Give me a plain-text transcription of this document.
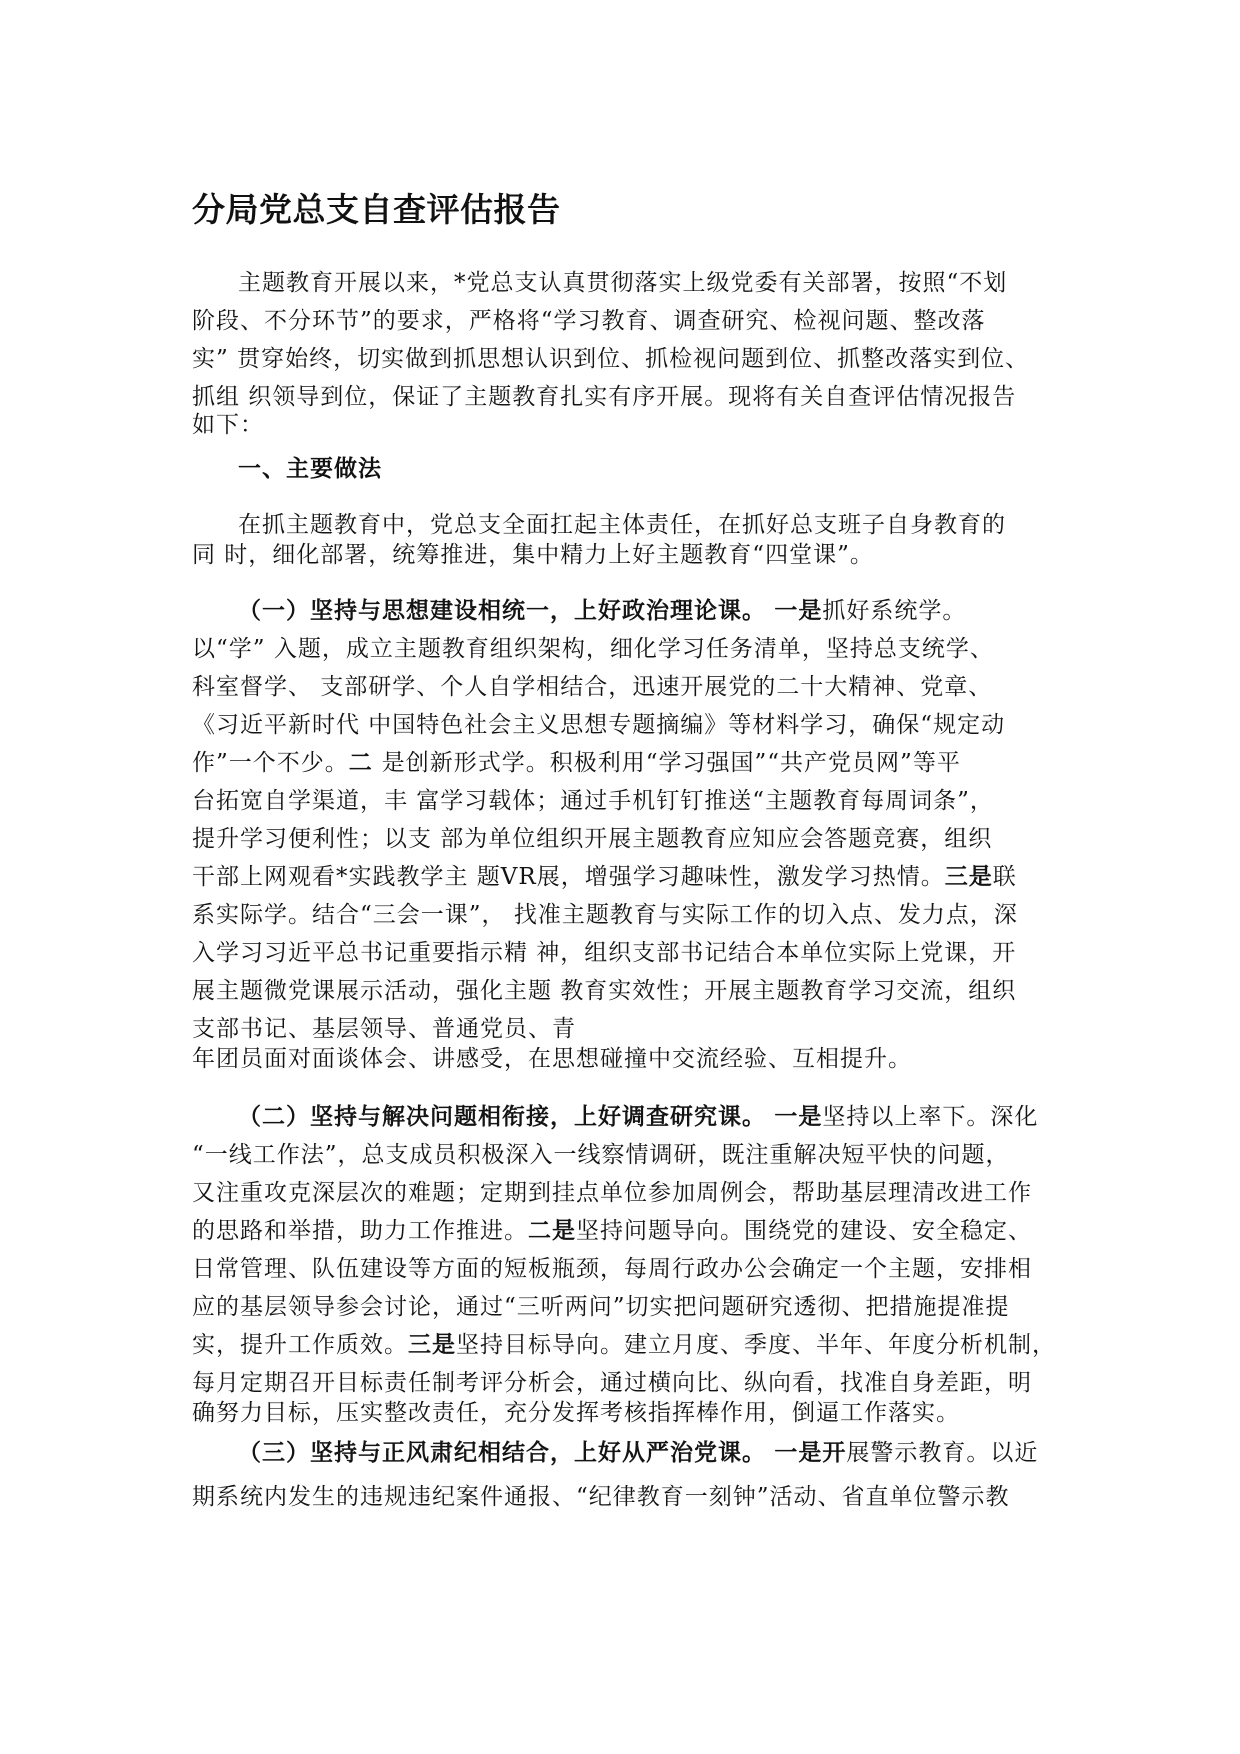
分局党总支自查评估报告
主题教育开展以来，*党总支认真贯彻落实上级党委有关部署，按照“不划
阶段、不分环节”的要求，严格将“学习教育、调查研究、检视问题、整改落
实” 贯穿始终，切实做到抓思想认识到位、抓检视问题到位、抓整改落实到位、
抓组 织领导到位，保证了主题教育扎实有序开展。现将有关自查评估情况报告
如下：
一、主要做法
在抓主题教育中，党总支全面扛起主体责任，在抓好总支班子自身教育的
同 时，细化部署，统筹推进，集中精力上好主题教育“四堂课”。
（一）坚持与思想建设相统一，上好政治理论课。 一是抓好系统学。
以“学” 入题，成立主题教育组织架构，细化学习任务清单，坚持总支统学、
科室督学、 支部研学、个人自学相结合，迅速开展党的二十大精神、党章、
《习近平新时代 中国特色社会主义思想专题摘编》等材料学习，确保“规定动
作”一个不少。二 是创新形式学。积极利用“学习强国”“共产党员网”等平
台拓宽自学渠道，丰 富学习载体；通过手机钉钉推送“主题教育每周词条”，
提升学习便利性；以支 部为单位组织开展主题教育应知应会答题竞赛，组织
干部上网观看*实践教学主 题VR展，增强学习趣味性，激发学习热情。三是联
系实际学。结合“三会一课”， 找准主题教育与实际工作的切入点、发力点，深
入学习习近平总书记重要指示精 神，组织支部书记结合本单位实际上党课，开
展主题微党课展示活动，强化主题 教育实效性；开展主题教育学习交流，组织
支部书记、基层领导、普通党员、青
年团员面对面谈体会、讲感受，在思想碰撞中交流经验、互相提升。
（二）坚持与解决问题相衔接，上好调查研究课。 一是坚持以上率下。深化
“一线工作法”，总支成员积极深入一线察情调研，既注重解决短平快的问题，
又注重攻克深层次的难题；定期到挂点单位参加周例会，帮助基层理清改进工作
的思路和举措，助力工作推进。二是坚持问题导向。围绕党的建设、安全稳定、
日常管理、队伍建设等方面的短板瓶颈，每周行政办公会确定一个主题，安排相
应的基层领导参会讨论，通过“三听两问”切实把问题研究透彻、把措施提准提
实，提升工作质效。三是坚持目标导向。建立月度、季度、半年、年度分析机制，
每月定期召开目标责任制考评分析会，通过横向比、纵向看，找准自身差距，明
确努力目标，压实整改责任，充分发挥考核指挥棒作用，倒逼工作落实。
（三）坚持与正风肃纪相结合，上好从严治党课。 一是开展警示教育。以近
期系统内发生的违规违纪案件通报、“纪律教育一刻钟”活动、省直单位警示教
